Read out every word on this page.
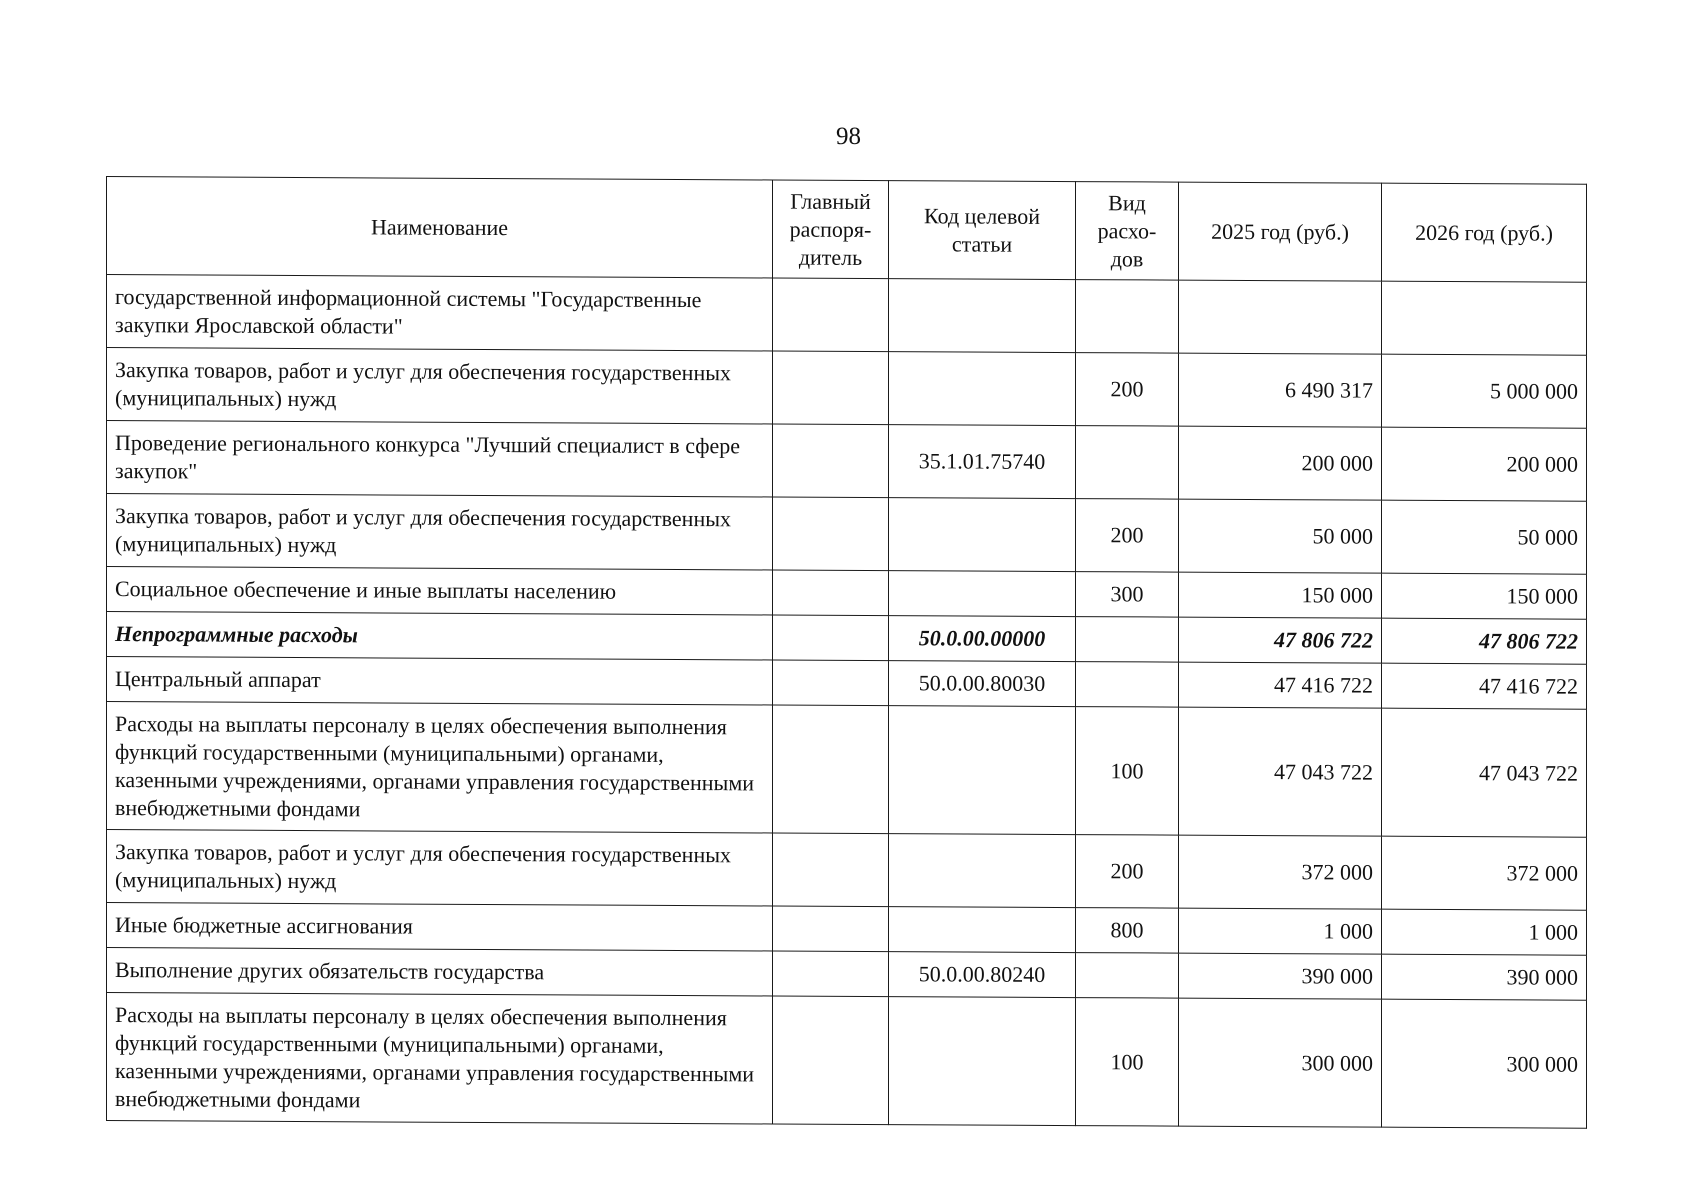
98
Наименование	Главный распоря-дитель	Код целевой статьи	Вид расхо-дов	2025 год (руб.)	2026 год (руб.)
государственной информационной системы "Государственные закупки Ярославской области"					
Закупка товаров, работ и услуг для обеспечения государственных (муниципальных) нужд			200	6 490 317	5 000 000
Проведение регионального конкурса "Лучший специалист в сфере закупок"		35.1.01.75740		200 000	200 000
Закупка товаров, работ и услуг для обеспечения государственных (муниципальных) нужд			200	50 000	50 000
Социальное обеспечение и иные выплаты населению			300	150 000	150 000
Непрограммные расходы		50.0.00.00000		47 806 722	47 806 722
Центральный аппарат		50.0.00.80030		47 416 722	47 416 722
Расходы на выплаты персоналу в целях обеспечения выполнения функций государственными (муниципальными) органами, казенными учреждениями, органами управления государственными внебюджетными фондами			100	47 043 722	47 043 722
Закупка товаров, работ и услуг для обеспечения государственных (муниципальных) нужд			200	372 000	372 000
Иные бюджетные ассигнования			800	1 000	1 000
Выполнение других обязательств государства		50.0.00.80240		390 000	390 000
Расходы на выплаты персоналу в целях обеспечения выполнения функций государственными (муниципальными) органами, казенными учреждениями, органами управления государственными внебюджетными фондами			100	300 000	300 000
